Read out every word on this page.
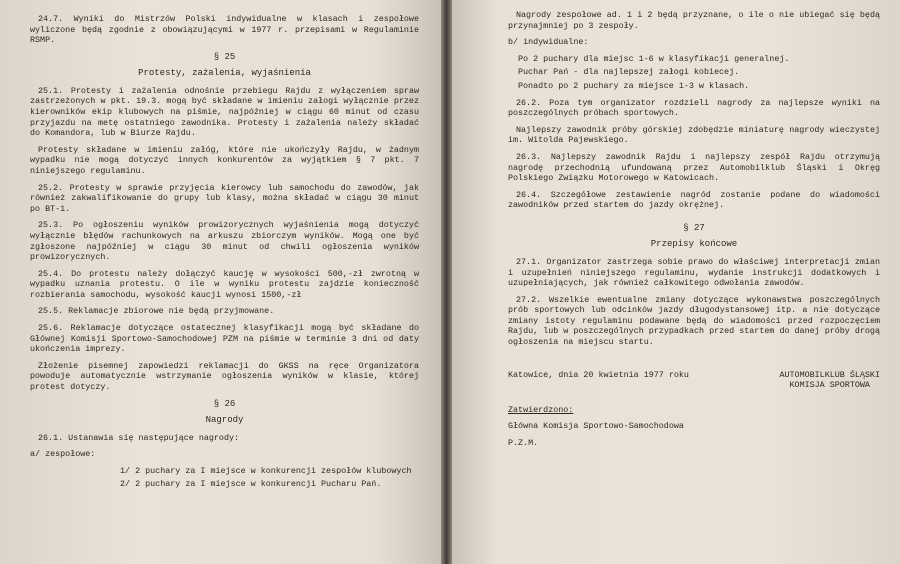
24.7. Wyniki do Mistrzów Polski indywidualne w klasach i zespołowe wyliczone będą zgodnie z obowiązującymi w 1977 r. przepisami w Regulaminie RSMP.

§ 25
Protesty, zażalenia, wyjaśnienia

25.1. Protesty i zażalenia odnośnie przebiegu Rajdu z wyłączeniem spraw zastrzeżonych w pkt. 19.3. mogą być składane w imieniu załogi wyłącznie przez kierowników ekip klubowych na piśmie, najpóźniej w ciągu 60 minut od czasu przyjazdu na metę ostatniego zawodnika. Protesty i zażalenia należy składać do Komandora, lub w Biurze Rajdu.

Protesty składane w imieniu załóg, które nie ukończyły Rajdu, w żadnym wypadku nie mogą dotyczyć innych konkurentów za wyjątkiem § 7 pkt. 7 niniejszego regulaminu.

25.2. Protesty w sprawie przyjęcia kierowcy lub samochodu do zawodów, jak również zakwalifikowanie do grupy lub klasy, można składać w ciągu 30 minut po BT-1.

25.3. Po ogłoszeniu wyników prowizorycznych wyjaśnienia mogą dotyczyć wyłącznie błędów rachunkowych na arkuszu zbiorczym wyników. Mogą one być zgłoszone najpóźniej w ciągu 30 minut od chwili ogłoszenia wyników prowizorycznych.

25.4. Do protestu należy dołączyć kaucję w wysokości 500,-zł zwrotną w wypadku uznania protestu. O ile w wyniku protestu zajdzie konieczność rozbierania samochodu, wysokość kaucji wynosi 1500,-zł

25.5. Reklamacje zbiorowe nie będą przyjmowane.

25.6. Reklamacje dotyczące ostatecznej klasyfikacji mogą być składane do Głównej Komisji Sportowo-Samochodowej PZM na piśmie w terminie 3 dni od daty ukończenia imprezy.

Złożenie pisemnej zapowiedzi reklamacji do GKSS na ręce Organizatora powoduje automatycznie wstrzymanie ogłoszenia wyników w klasie, której protest dotyczy.

§ 26
Nagrody

26.1. Ustanawia się następujące nagrody:

a/ zespołowe:

1/ 2 puchary za I miejsce w konkurencji zespołów klubowych

2/ 2 puchary za I miejsce w konkurencji Pucharu Pań.

Nagrody zespołowe ad. 1 i 2 będą przyznane, o ile o nie ubiegać się będą przynajmniej po 3 zespoły.

b/ indywidualne:

Po 2 puchary dla miejsc 1-6 w klasyfikacji generalnej.

Puchar Pań - dla najlepszej załogi kobiecej.

Ponadto po 2 puchary za miejsce 1-3 w klasach.

26.2. Poza tym organizator rozdzieli nagrody za najlepsze wyniki na poszczególnych próbach sportowych.

Najlepszy zawodnik próby górskiej zdobędzie miniaturę nagrody wieczystej im. Witolda Pajewskiego.

26.3. Najlepszy zawodnik Rajdu i najlepszy zespół Rajdu otrzymują nagrodę przechodnią ufundowaną przez Automobilklub Śląski i Okręg Polskiego Związku Motorowego w Katowicach.

26.4. Szczegółowe zestawienie nagród zostanie podane do wiadomości zawodników przed startem do jazdy okrężnej.

§ 27
Przepisy końcowe

27.1. Organizator zastrzega sobie prawo do właściwej interpretacji zmian i uzupełnień niniejszego regulaminu, wydanie instrukcji dodatkowych i uzupełniających, jak również całkowitego odwołania zawodów.

27.2. Wszelkie ewentualne zmiany dotyczące wykonawstwa poszczególnych prób sportowych lub odcinków jazdy długodystansowej itp. a nie dotyczące zmiany istoty regulaminu podawane będą do wiadomości przed rozpoczęciem Rajdu, lub w poszczególnych przypadkach przed startem do danej próby drogą ogłoszenia na miejscu startu.

Katowice, dnia 20 kwietnia 1977 roku	AUTOMOBILKLUB ŚLĄSKI
KOMISJA SPORTOWA

Zatwierdzono:

Główna Komisja Sportowo-Samochodowa

P.Z.M.
